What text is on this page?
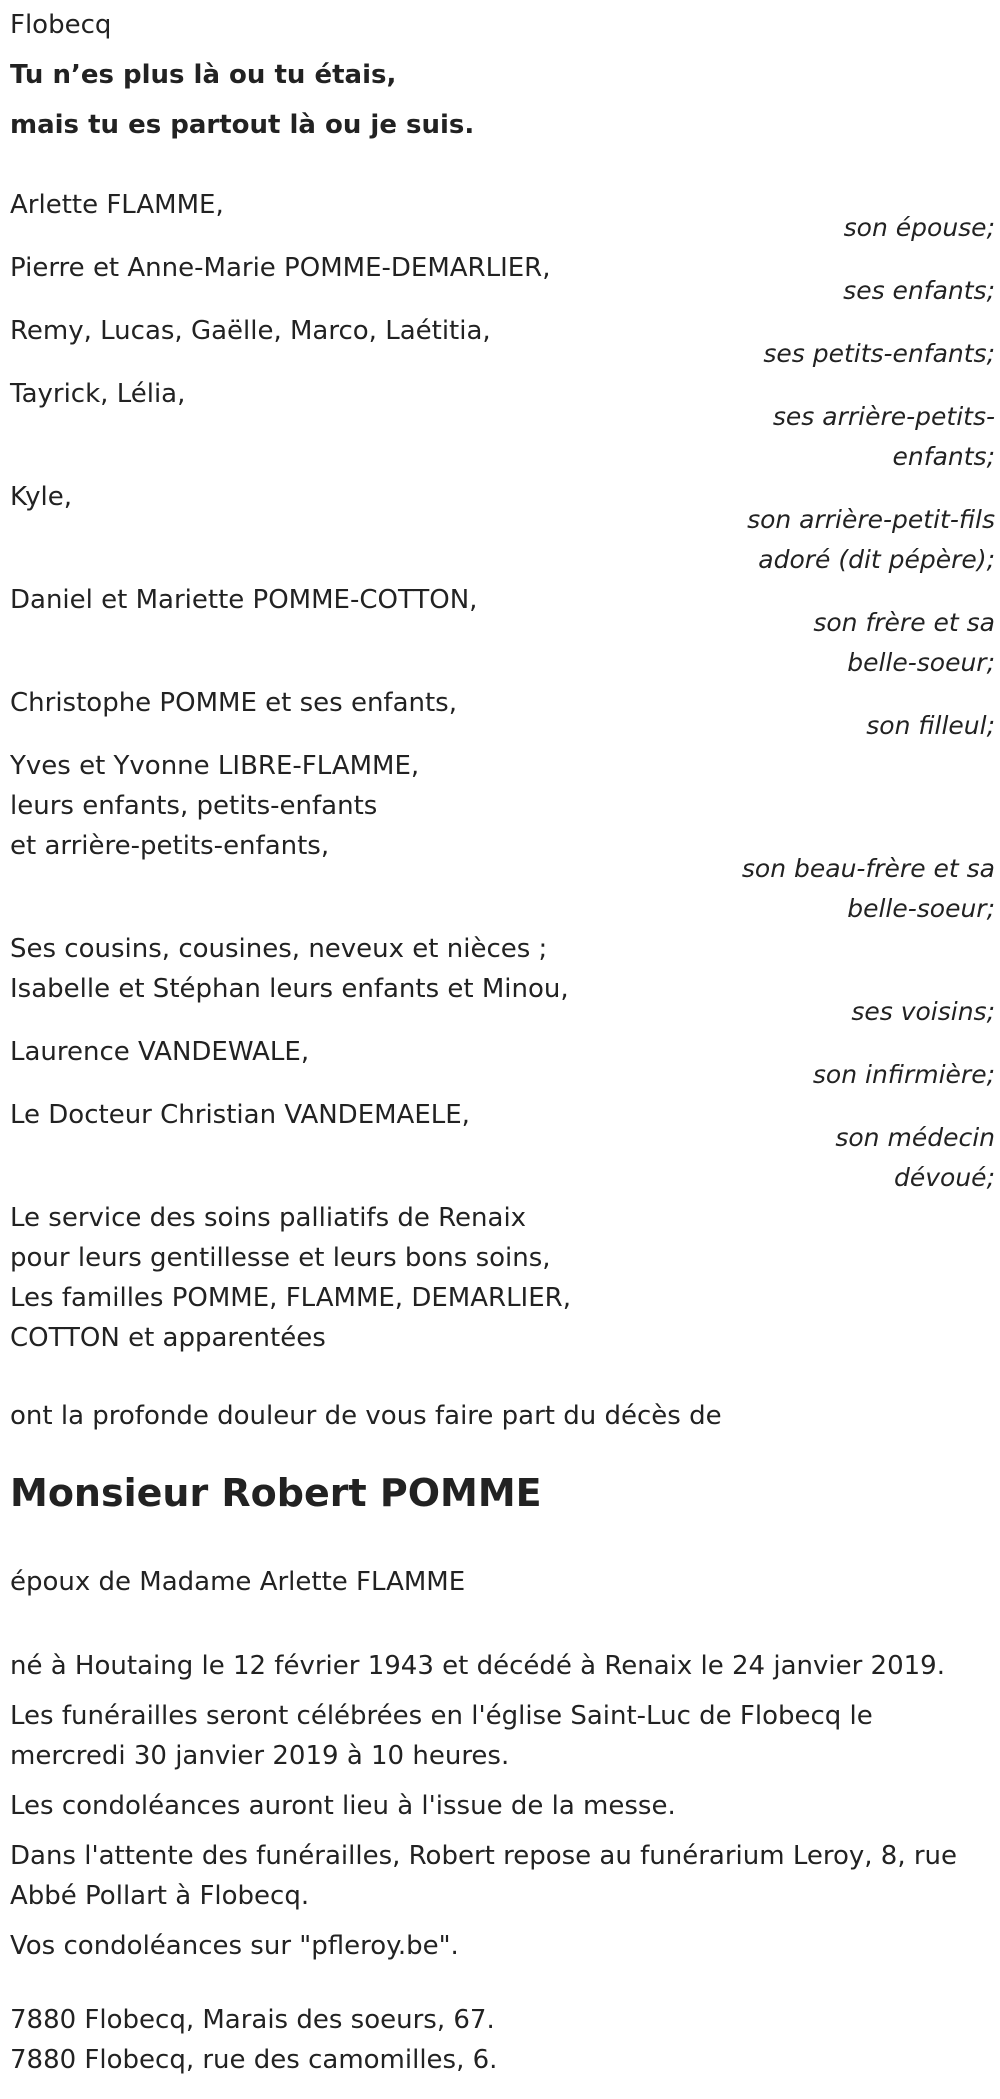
Flobecq
Tu n’es plus là ou tu étais,
mais tu es partout là ou je suis.
Arlette FLAMME,
son épouse;
Pierre et Anne-Marie POMME-DEMARLIER,
ses enfants;
Remy, Lucas, Gaëlle, Marco, Laétitia,
ses petits-enfants;
Tayrick, Lélia,
ses arrière-petits-
enfants;
Kyle,
son arrière-petit-fils
adoré (dit pépère);
Daniel et Mariette POMME-COTTON,
son frère et sa
belle-soeur;
Christophe POMME et ses enfants,
son filleul;
Yves et Yvonne LIBRE-FLAMME,
leurs enfants, petits-enfants
et arrière-petits-enfants,
son beau-frère et sa
belle-soeur;
Ses cousins, cousines, neveux et nièces ;
Isabelle et Stéphan leurs enfants et Minou,
ses voisins;
Laurence VANDEWALE,
son infirmière;
Le Docteur Christian VANDEMAELE,
son médecin
dévoué;
Le service des soins palliatifs de Renaix
pour leurs gentillesse et leurs bons soins,
Les familles POMME, FLAMME, DEMARLIER,
COTTON et apparentées
ont la profonde douleur de vous faire part du décès de
Monsieur Robert POMME
époux de Madame Arlette FLAMME
né à Houtaing le 12 février 1943 et décédé à Renaix le 24 janvier 2019.
Les funérailles seront célébrées en l'église Saint-Luc de Flobecq le
mercredi 30 janvier 2019 à 10 heures.
Les condoléances auront lieu à l'issue de la messe.
Dans l'attente des funérailles, Robert repose au funérarium Leroy, 8, rue
Abbé Pollart à Flobecq.
Vos condoléances sur "pfleroy.be".
7880 Flobecq, Marais des soeurs, 67.
7880 Flobecq, rue des camomilles, 6.
